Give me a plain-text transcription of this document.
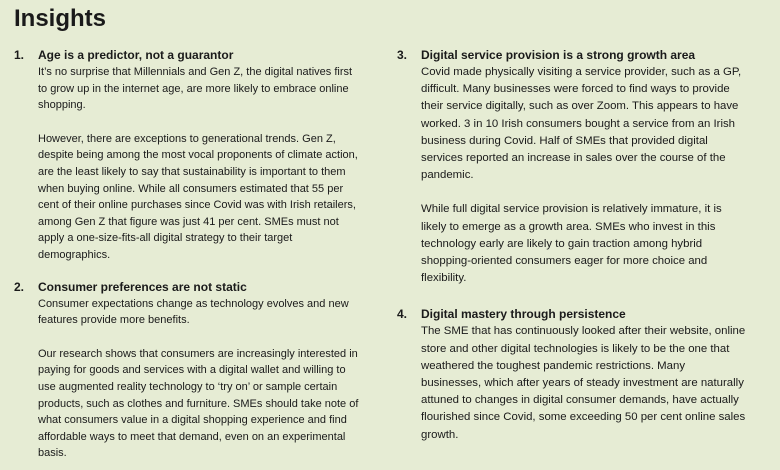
Insights
1. Age is a predictor, not a guarantor

It’s no surprise that Millennials and Gen Z, the digital natives first to grow up in the internet age, are more likely to embrace online shopping.

However, there are exceptions to generational trends. Gen Z, despite being among the most vocal proponents of climate action, are the least likely to say that sustainability is important to them when buying online. While all consumers estimated that 55 per cent of their online purchases since Covid was with Irish retailers, among Gen Z that figure was just 41 per cent. SMEs must not apply a one-size-fits-all digital strategy to their target demographics.

2. Consumer preferences are not static

Consumer expectations change as technology evolves and new features provide more benefits.

Our research shows that consumers are increasingly interested in paying for goods and services with a digital wallet and willing to use augmented reality technology to ‘try on’ or sample certain products, such as clothes and furniture. SMEs should take note of what consumers value in a digital shopping experience and find affordable ways to meet that demand, even on an experimental basis.

3. Digital service provision is a strong growth area

Covid made physically visiting a service provider, such as a GP, difficult. Many businesses were forced to find ways to provide their service digitally, such as over Zoom. This appears to have worked. 3 in 10 Irish consumers bought a service from an Irish business during Covid. Half of SMEs that provided digital services reported an increase in sales over the course of the pandemic.

While full digital service provision is relatively immature, it is likely to emerge as a growth area. SMEs who invest in this technology early are likely to gain traction among hybrid shopping-oriented consumers eager for more choice and flexibility.

4. Digital mastery through persistence

The SME that has continuously looked after their website, online store and other digital technologies is likely to be the one that weathered the toughest pandemic restrictions. Many businesses, which after years of steady investment are naturally attuned to changes in digital consumer demands, have actually flourished since Covid, some exceeding 50 per cent online sales growth.
